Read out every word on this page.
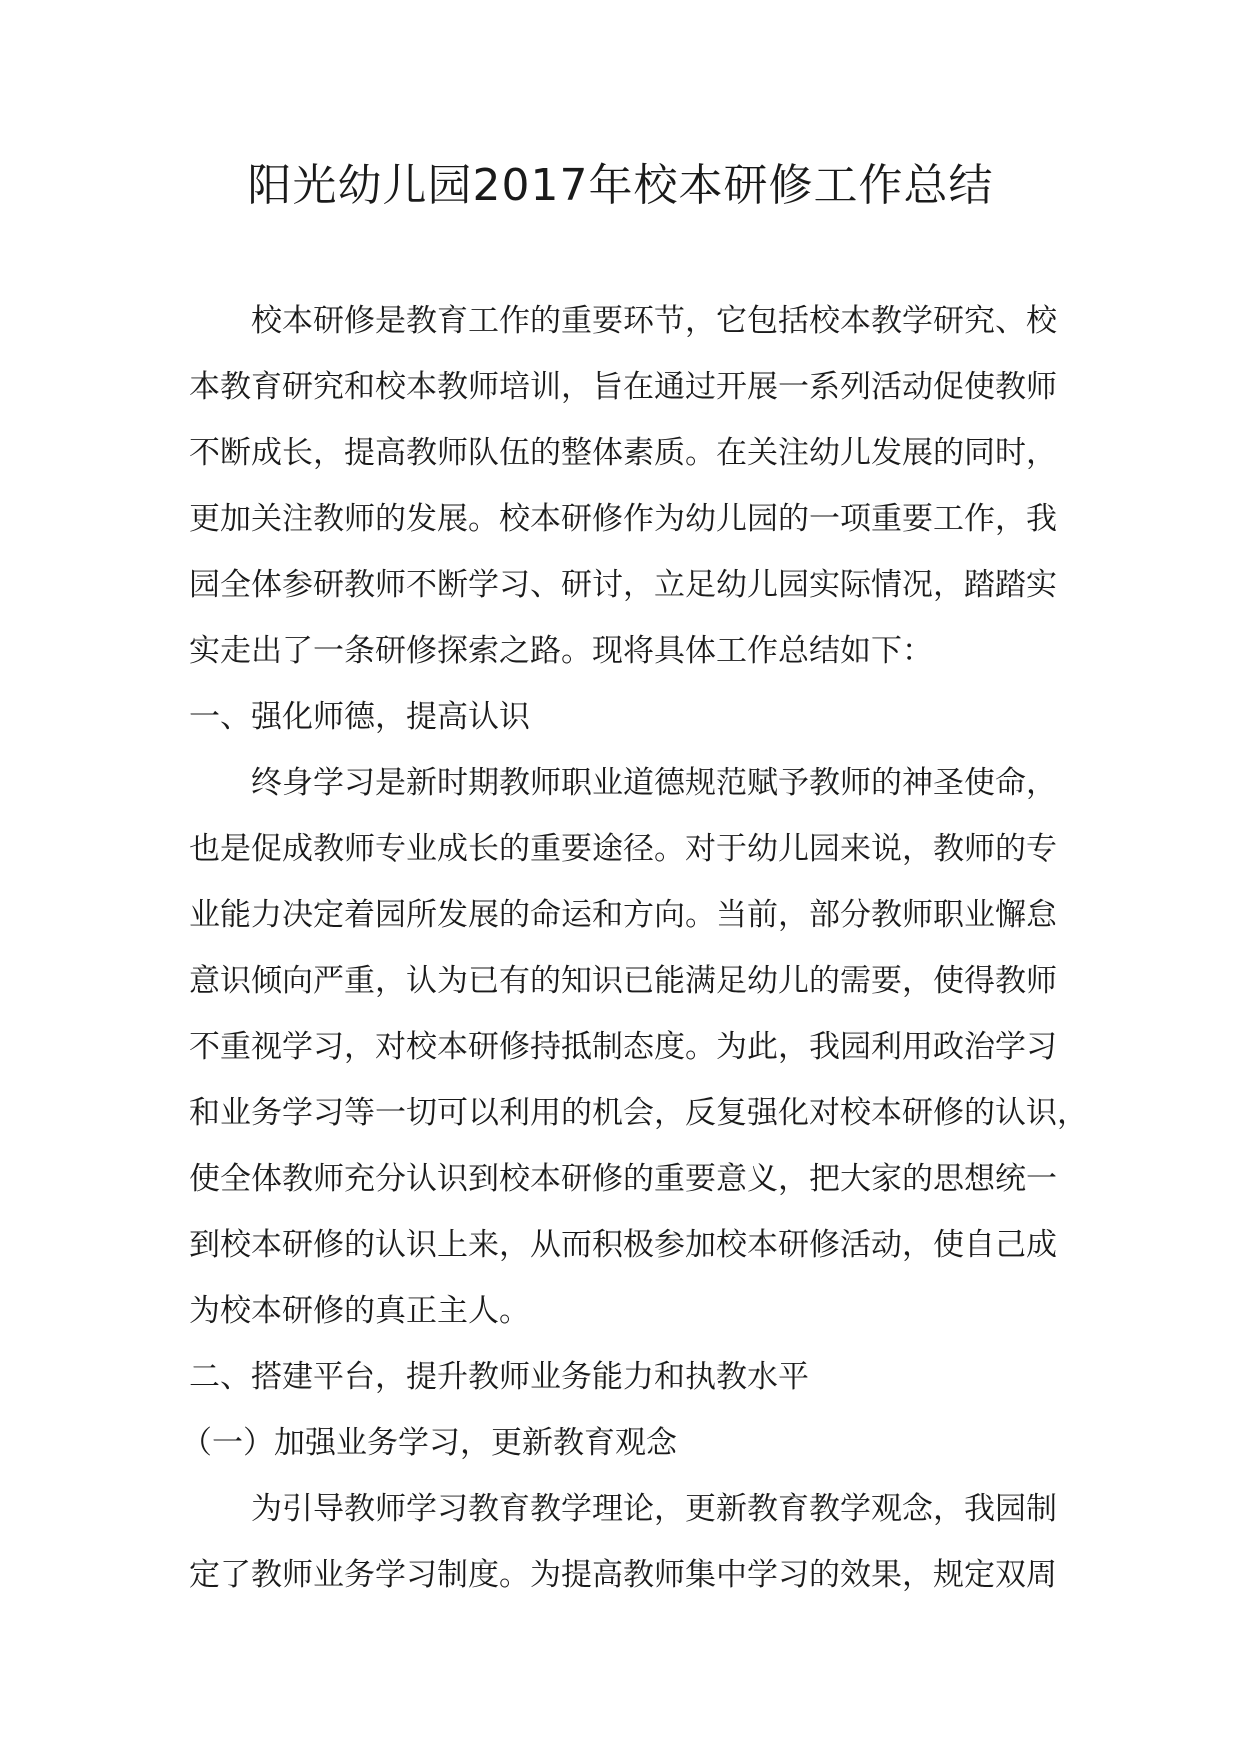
阳光幼儿园2017年校本研修工作总结
校本研修是教育工作的重要环节，它包括校本教学研究、校
本教育研究和校本教师培训，旨在通过开展一系列活动促使教师
不断成长，提高教师队伍的整体素质。在关注幼儿发展的同时，
更加关注教师的发展。校本研修作为幼儿园的一项重要工作，我
园全体参研教师不断学习、研讨，立足幼儿园实际情况，踏踏实
实走出了一条研修探索之路。现将具体工作总结如下：
一、强化师德，提高认识
终身学习是新时期教师职业道德规范赋予教师的神圣使命，
也是促成教师专业成长的重要途径。对于幼儿园来说，教师的专
业能力决定着园所发展的命运和方向。当前，部分教师职业懈怠
意识倾向严重，认为已有的知识已能满足幼儿的需要，使得教师
不重视学习，对校本研修持抵制态度。为此，我园利用政治学习
和业务学习等一切可以利用的机会，反复强化对校本研修的认识，
使全体教师充分认识到校本研修的重要意义，把大家的思想统一
到校本研修的认识上来，从而积极参加校本研修活动，使自己成
为校本研修的真正主人。
二、搭建平台，提升教师业务能力和执教水平
（一）加强业务学习，更新教育观念
为引导教师学习教育教学理论，更新教育教学观念，我园制
定了教师业务学习制度。为提高教师集中学习的效果，规定双周
